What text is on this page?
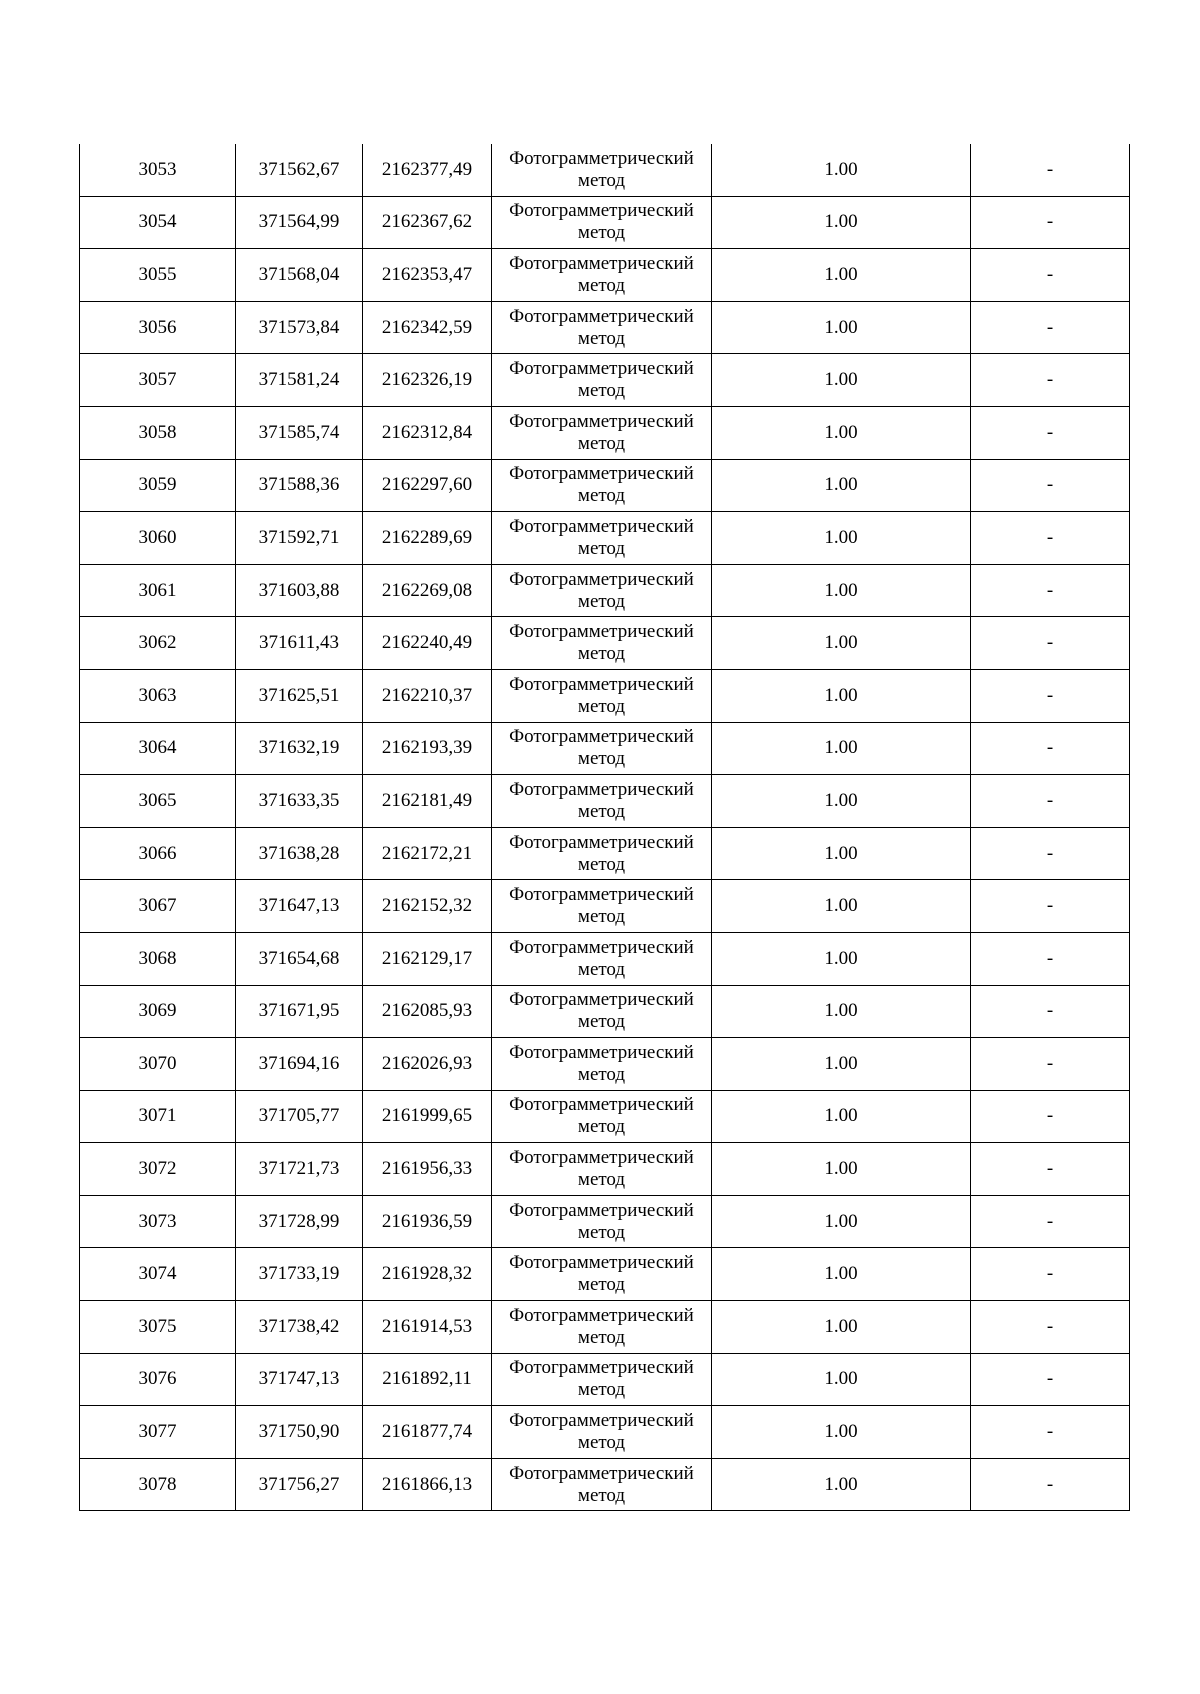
3053	371562,67	2162377,49	Фотограмметрический
метод	1.00	-
3054	371564,99	2162367,62	Фотограмметрический
метод	1.00	-
3055	371568,04	2162353,47	Фотограмметрический
метод	1.00	-
3056	371573,84	2162342,59	Фотограмметрический
метод	1.00	-
3057	371581,24	2162326,19	Фотограмметрический
метод	1.00	-
3058	371585,74	2162312,84	Фотограмметрический
метод	1.00	-
3059	371588,36	2162297,60	Фотограмметрический
метод	1.00	-
3060	371592,71	2162289,69	Фотограмметрический
метод	1.00	-
3061	371603,88	2162269,08	Фотограмметрический
метод	1.00	-
3062	371611,43	2162240,49	Фотограмметрический
метод	1.00	-
3063	371625,51	2162210,37	Фотограмметрический
метод	1.00	-
3064	371632,19	2162193,39	Фотограмметрический
метод	1.00	-
3065	371633,35	2162181,49	Фотограмметрический
метод	1.00	-
3066	371638,28	2162172,21	Фотограмметрический
метод	1.00	-
3067	371647,13	2162152,32	Фотограмметрический
метод	1.00	-
3068	371654,68	2162129,17	Фотограмметрический
метод	1.00	-
3069	371671,95	2162085,93	Фотограмметрический
метод	1.00	-
3070	371694,16	2162026,93	Фотограмметрический
метод	1.00	-
3071	371705,77	2161999,65	Фотограмметрический
метод	1.00	-
3072	371721,73	2161956,33	Фотограмметрический
метод	1.00	-
3073	371728,99	2161936,59	Фотограмметрический
метод	1.00	-
3074	371733,19	2161928,32	Фотограмметрический
метод	1.00	-
3075	371738,42	2161914,53	Фотограмметрический
метод	1.00	-
3076	371747,13	2161892,11	Фотограмметрический
метод	1.00	-
3077	371750,90	2161877,74	Фотограмметрический
метод	1.00	-
3078	371756,27	2161866,13	Фотограмметрический
метод	1.00	-
